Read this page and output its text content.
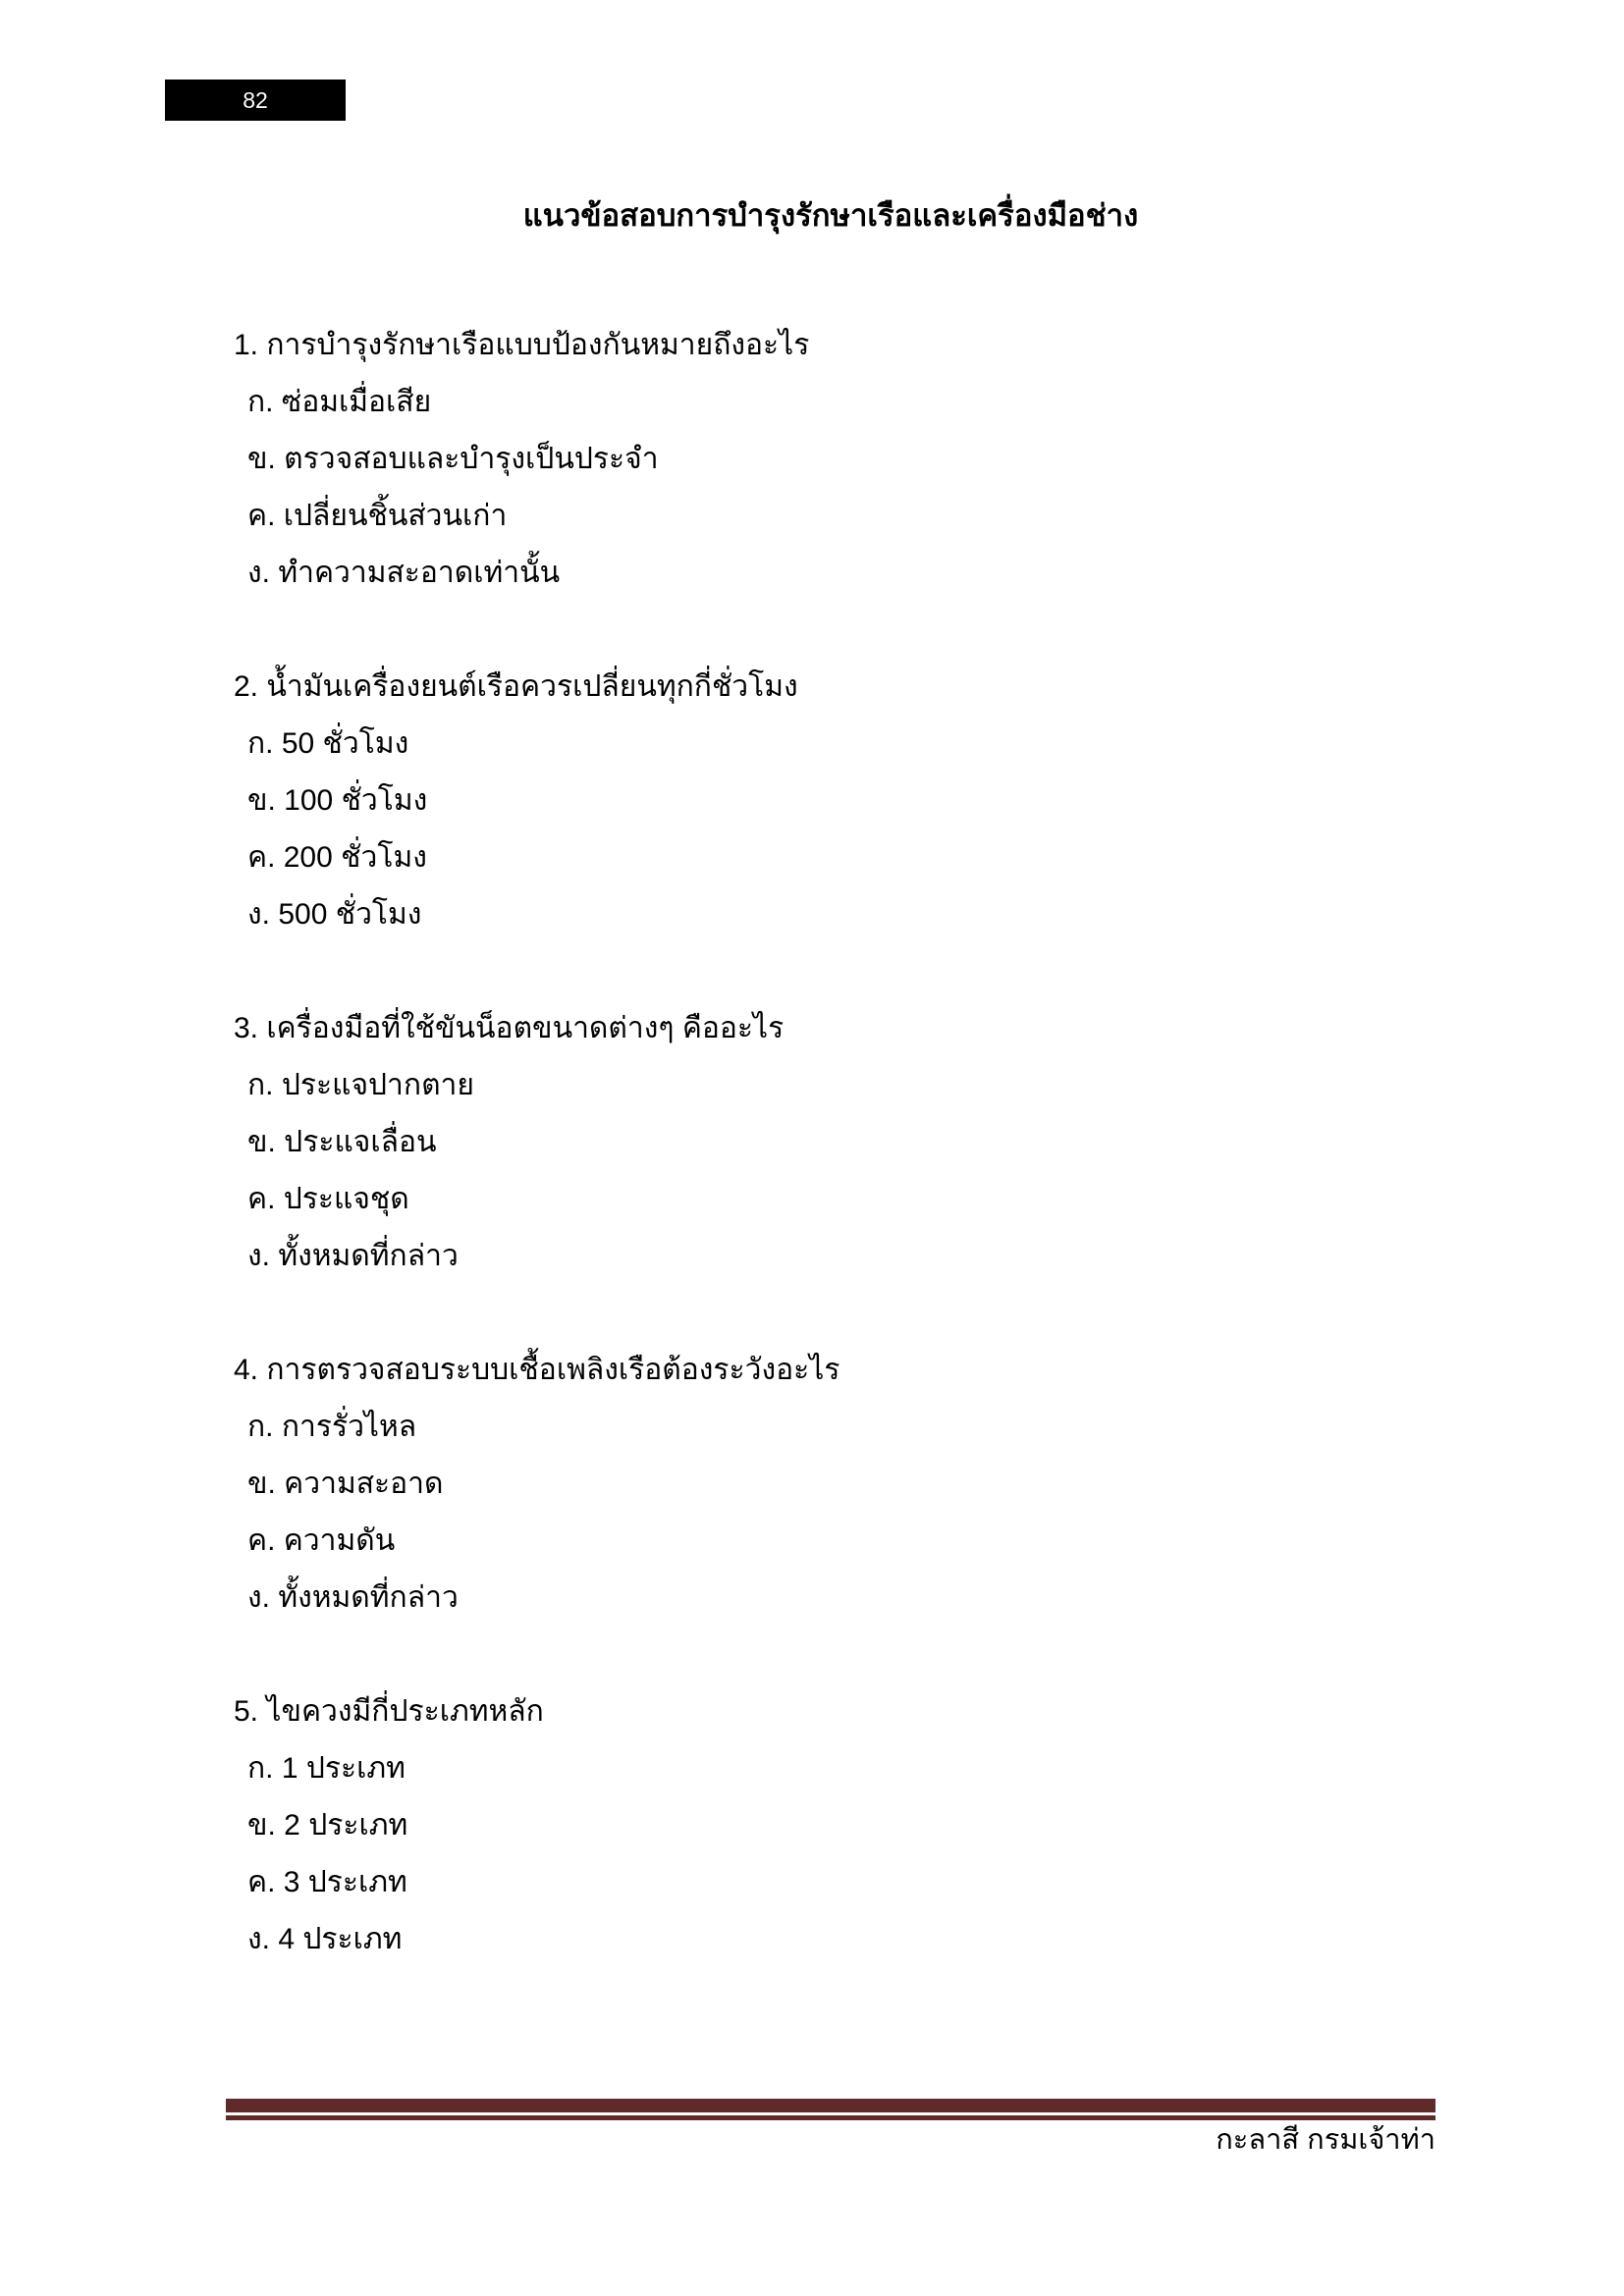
82
แนวข้อสอบการบำรุงรักษาเรือและเครื่องมือช่าง
1. การบำรุงรักษาเรือแบบป้องกันหมายถึงอะไร
ก. ซ่อมเมื่อเสีย
ข. ตรวจสอบและบำรุงเป็นประจำ
ค. เปลี่ยนชิ้นส่วนเก่า
ง. ทำความสะอาดเท่านั้น
2. น้ำมันเครื่องยนต์เรือควรเปลี่ยนทุกกี่ชั่วโมง
ก. 50 ชั่วโมง
ข. 100 ชั่วโมง
ค. 200 ชั่วโมง
ง. 500 ชั่วโมง
3. เครื่องมือที่ใช้ขันน็อตขนาดต่างๆ คืออะไร
ก. ประแจปากตาย
ข. ประแจเลื่อน
ค. ประแจชุด
ง. ทั้งหมดที่กล่าว
4. การตรวจสอบระบบเชื้อเพลิงเรือต้องระวังอะไร
ก. การรั่วไหล
ข. ความสะอาด
ค. ความดัน
ง. ทั้งหมดที่กล่าว
5. ไขควงมีกี่ประเภทหลัก
ก. 1 ประเภท
ข. 2 ประเภท
ค. 3 ประเภท
ง. 4 ประเภท
กะลาสี กรมเจ้าท่า
